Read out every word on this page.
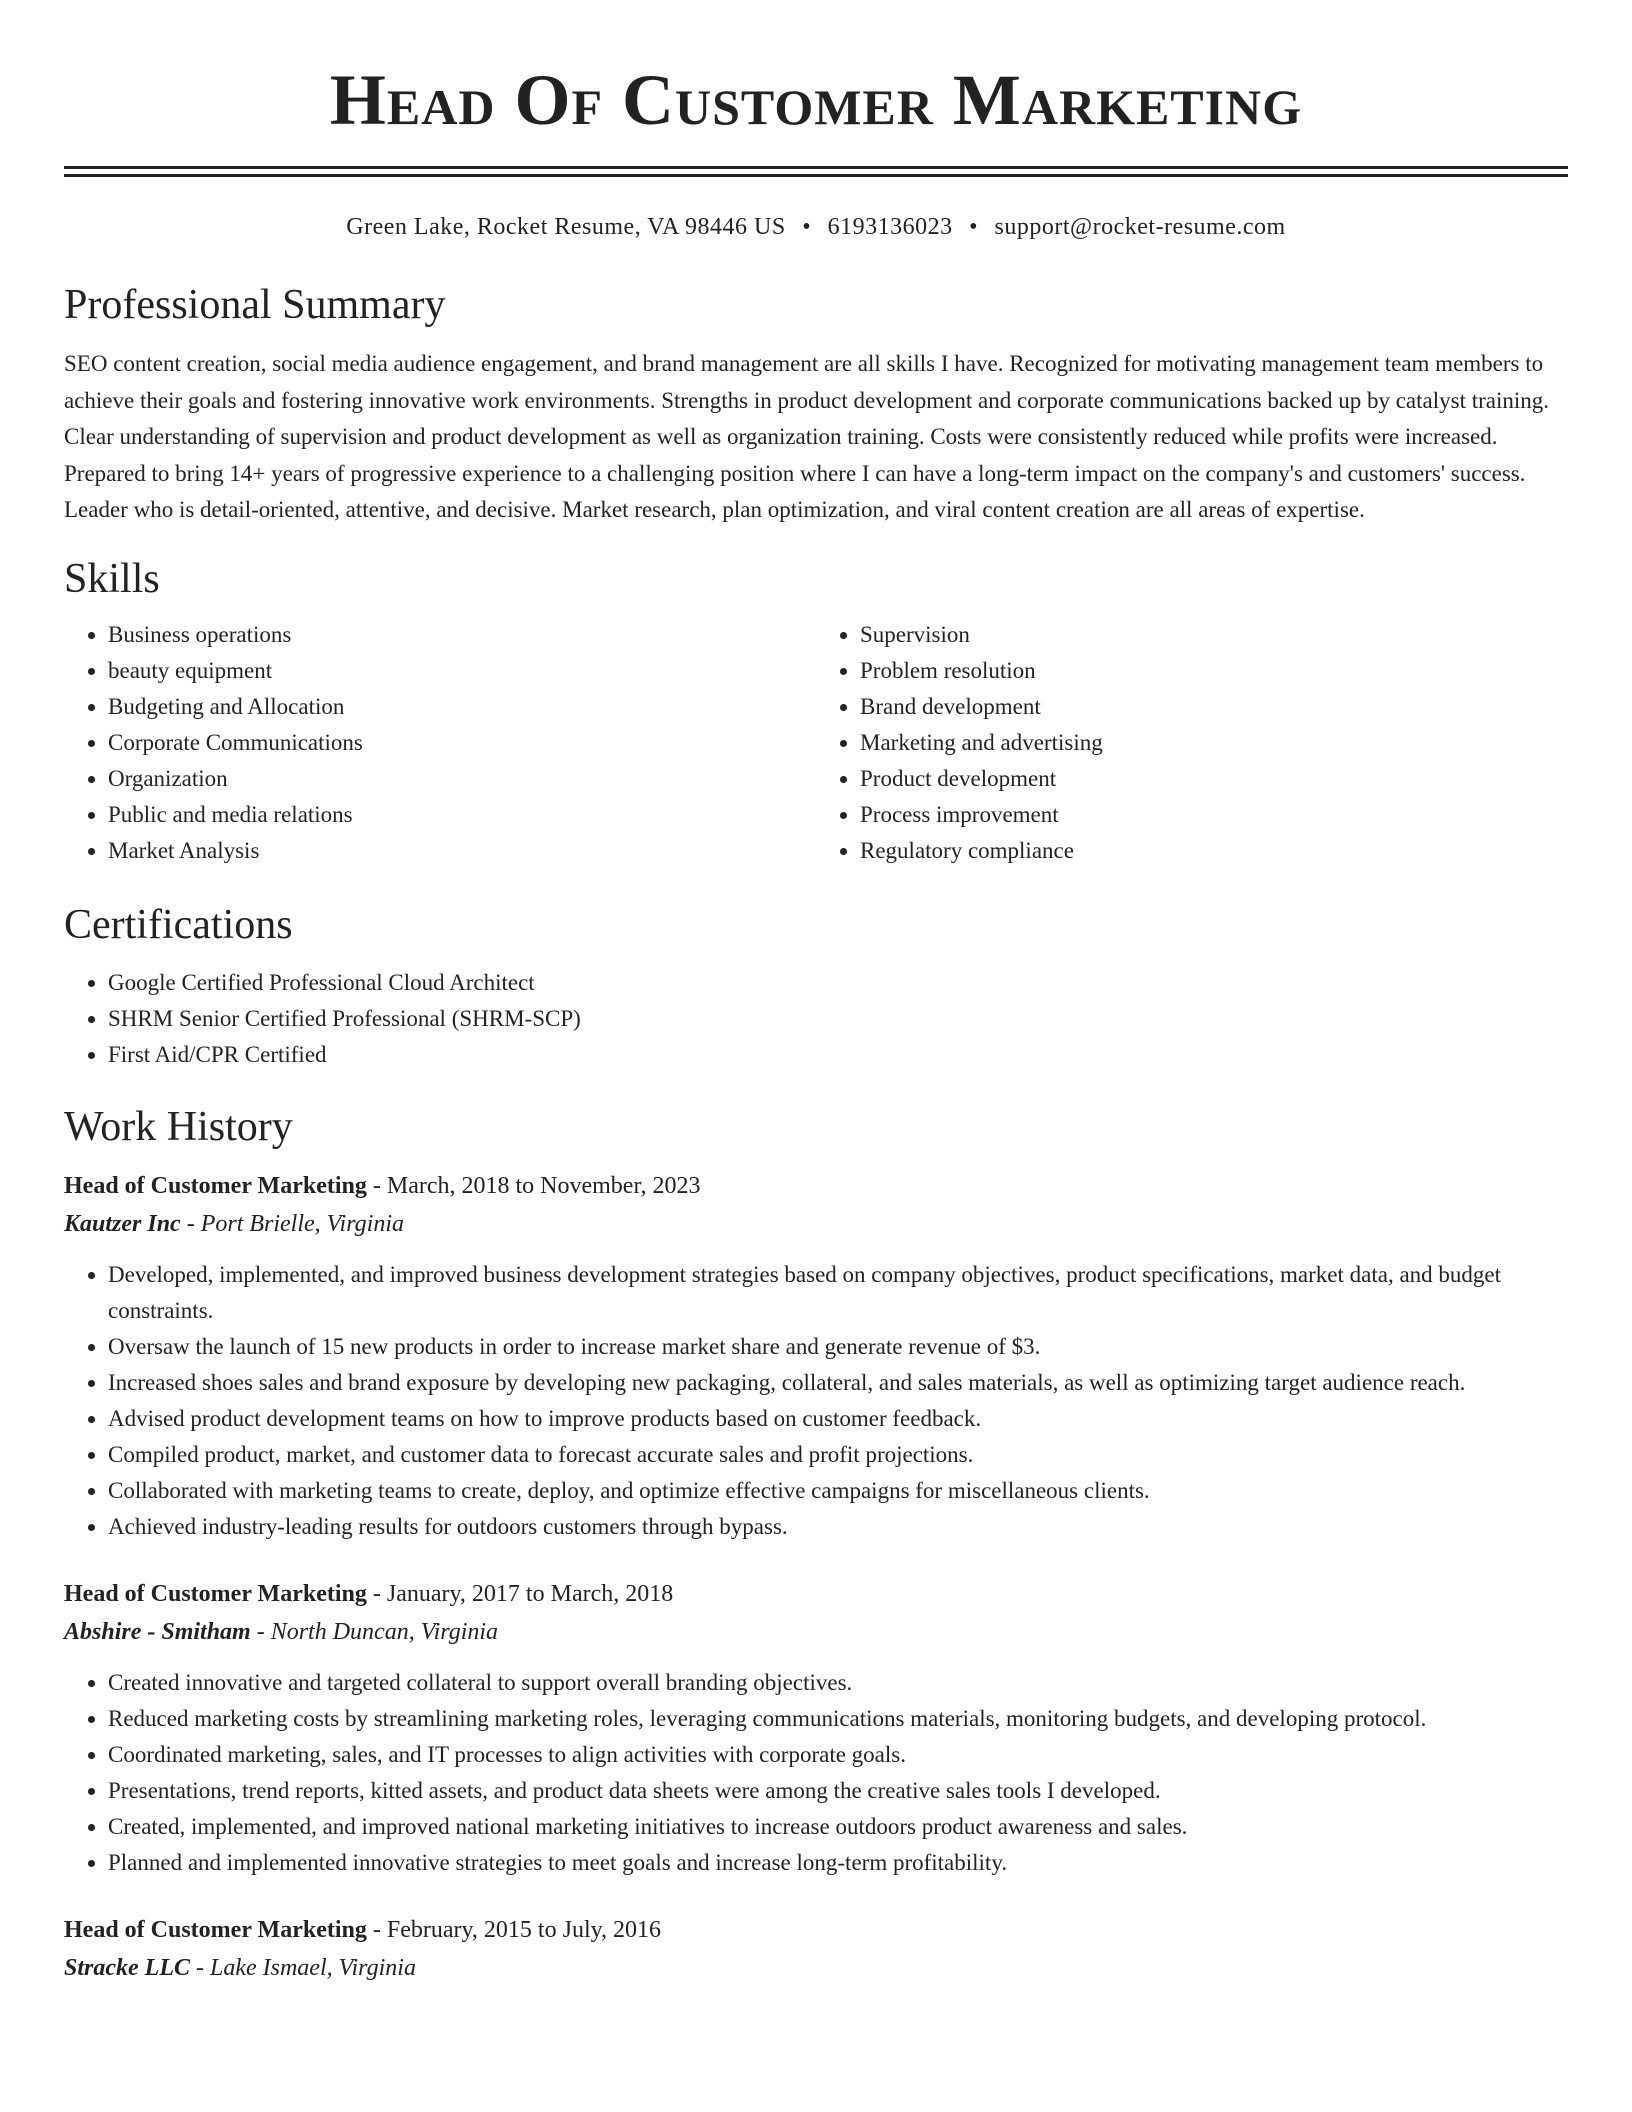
Head Of Customer Marketing
Green Lake, Rocket Resume, VA 98446 US • 6193136023 • support@rocket-resume.com
Professional Summary

SEO content creation, social media audience engagement, and brand management are all skills I have. Recognized for motivating management team members to achieve their goals and fostering innovative work environments. Strengths in product development and corporate communications backed up by catalyst training. Clear understanding of supervision and product development as well as organization training. Costs were consistently reduced while profits were increased. Prepared to bring 14+ years of progressive experience to a challenging position where I can have a long-term impact on the company's and customers' success. Leader who is detail-oriented, attentive, and decisive. Market research, plan optimization, and viral content creation are all areas of expertise.

Skills
• Business operations
• beauty equipment
• Budgeting and Allocation
• Corporate Communications
• Organization
• Public and media relations
• Market Analysis
• Supervision
• Problem resolution
• Brand development
• Marketing and advertising
• Product development
• Process improvement
• Regulatory compliance
Certifications
• Google Certified Professional Cloud Architect
• SHRM Senior Certified Professional (SHRM-SCP)
• First Aid/CPR Certified
Work History
Head of Customer Marketing - March, 2018 to November, 2023
Kautzer Inc - Port Brielle, Virginia
• Developed, implemented, and improved business development strategies based on company objectives, product specifications, market data, and budget constraints.
• Oversaw the launch of 15 new products in order to increase market share and generate revenue of $3.
• Increased shoes sales and brand exposure by developing new packaging, collateral, and sales materials, as well as optimizing target audience reach.
• Advised product development teams on how to improve products based on customer feedback.
• Compiled product, market, and customer data to forecast accurate sales and profit projections.
• Collaborated with marketing teams to create, deploy, and optimize effective campaigns for miscellaneous clients.
• Achieved industry-leading results for outdoors customers through bypass.
Head of Customer Marketing - January, 2017 to March, 2018
Abshire - Smitham - North Duncan, Virginia
• Created innovative and targeted collateral to support overall branding objectives.
• Reduced marketing costs by streamlining marketing roles, leveraging communications materials, monitoring budgets, and developing protocol.
• Coordinated marketing, sales, and IT processes to align activities with corporate goals.
• Presentations, trend reports, kitted assets, and product data sheets were among the creative sales tools I developed.
• Created, implemented, and improved national marketing initiatives to increase outdoors product awareness and sales.
• Planned and implemented innovative strategies to meet goals and increase long-term profitability.
Head of Customer Marketing - February, 2015 to July, 2016
Stracke LLC - Lake Ismael, Virginia
